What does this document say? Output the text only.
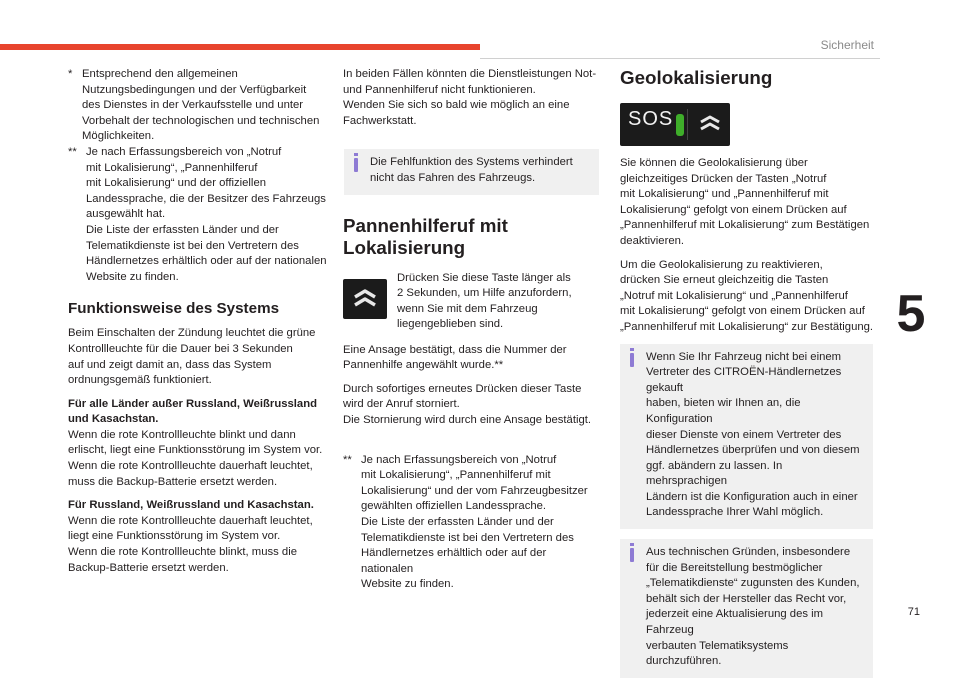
Sicherheit
5
71
* Entsprechend den allgemeinen
Nutzungsbedingungen und der Verfügbarkeit
des Dienstes in der Verkaufsstelle und unter
Vorbehalt der technologischen und technischen
Möglichkeiten.
** Je nach Erfassungsbereich von „Notruf
mit Lokalisierung“, „Pannenhilferuf
mit Lokalisierung“ und der offiziellen
Landessprache, die der Besitzer des Fahrzeugs
ausgewählt hat.
Die Liste der erfassten Länder und der
Telematikdienste ist bei den Vertretern des
Händlernetzes erhältlich oder auf der nationalen
Website zu finden.
Funktionsweise des Systems

Beim Einschalten der Zündung leuchtet die grüne
Kontrollleuchte für die Dauer bei 3 Sekunden
auf und zeigt damit an, dass das System
ordnungsgemäß funktioniert.

Für alle Länder außer Russland, Weißrussland
und Kasachstan.
Wenn die rote Kontrollleuchte blinkt und dann
erlischt, liegt eine Funktionsstörung im System vor.
Wenn die rote Kontrollleuchte dauerhaft leuchtet,
muss die Backup-Batterie ersetzt werden.

Für Russland, Weißrussland und Kasachstan.
Wenn die rote Kontrollleuchte dauerhaft leuchtet,
liegt eine Funktionsstörung im System vor.
Wenn die rote Kontrollleuchte blinkt, muss die
Backup-Batterie ersetzt werden.

In beiden Fällen könnten die Dienstleistungen Not-
und Pannenhilferuf nicht funktionieren.
Wenden Sie sich so bald wie möglich an eine
Fachwerkstatt.

Die Fehlfunktion des Systems verhindert
nicht das Fahren des Fahrzeugs.
Pannenhilferuf mit Lokalisierung
Drücken Sie diese Taste länger als
2 Sekunden, um Hilfe anzufordern,
wenn Sie mit dem Fahrzeug
liegengeblieben sind.

Eine Ansage bestätigt, dass die Nummer der
Pannenhilfe angewählt wurde.**

Durch sofortiges erneutes Drücken dieser Taste
wird der Anruf storniert.
Die Stornierung wird durch eine Ansage bestätigt.

** Je nach Erfassungsbereich von „Notruf
mit Lokalisierung“, „Pannenhilferuf mit
Lokalisierung“ und der vom Fahrzeugbesitzer
gewählten offiziellen Landessprache.
Die Liste der erfassten Länder und der
Telematikdienste ist bei den Vertretern des
Händlernetzes erhältlich oder auf der nationalen
Website zu finden.
Geolokalisierung
SOS

Sie können die Geolokalisierung über
gleichzeitiges Drücken der Tasten „Notruf
mit Lokalisierung“ und „Pannenhilferuf mit
Lokalisierung“ gefolgt von einem Drücken auf
„Pannenhilferuf mit Lokalisierung“ zum Bestätigen
deaktivieren.

Um die Geolokalisierung zu reaktivieren,
drücken Sie erneut gleichzeitig die Tasten
„Notruf mit Lokalisierung“ und „Pannenhilferuf
mit Lokalisierung“ gefolgt von einem Drücken auf
„Pannenhilferuf mit Lokalisierung“ zur Bestätigung.

Wenn Sie Ihr Fahrzeug nicht bei einem
Vertreter des CITROËN-Händlernetzes gekauft
haben, bieten wir Ihnen an, die Konfiguration
dieser Dienste von einem Vertreter des
Händlernetzes überprüfen und von diesem
ggf. abändern zu lassen. In mehrsprachigen
Ländern ist die Konfiguration auch in einer
Landessprache Ihrer Wahl möglich.
Aus technischen Gründen, insbesondere
für die Bereitstellung bestmöglicher
„Telematikdienste“ zugunsten des Kunden,
behält sich der Hersteller das Recht vor,
jederzeit eine Aktualisierung des im Fahrzeug
verbauten Telematiksystems durchzuführen.
